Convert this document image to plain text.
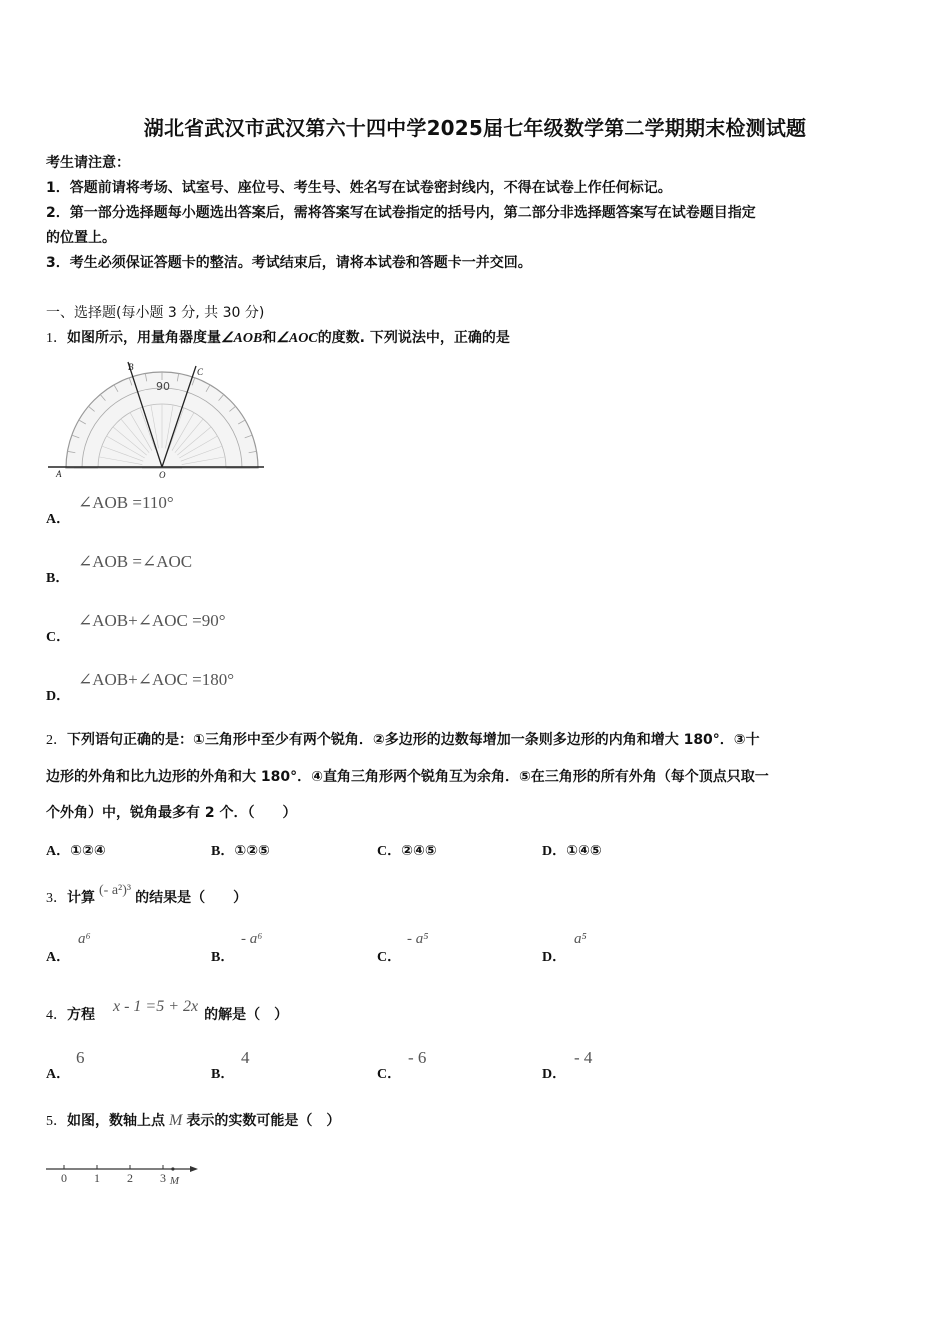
湖北省武汉市武汉第六十四中学2025届七年级数学第二学期期末检测试题
考生请注意：
1．答题前请将考场、试室号、座位号、考生号、姓名写在试卷密封线内，不得在试卷上作任何标记。
2．第一部分选择题每小题选出答案后，需将答案写在试卷指定的括号内，第二部分非选择题答案写在试卷题目指定
的位置上。
3．考生必须保证答题卡的整洁。考试结束后，请将本试卷和答题卡一并交回。
一、选择题(每小题 3 分, 共 30 分)
1．如图所示，用量角器度量∠AOB和∠AOC的度数. 下列说法中，正确的是
90
B	C
A	O
A．
∠AOB =110°
B．
∠AOB =∠AOC
C．
∠AOB+∠AOC =90°
D．
∠AOB+∠AOC =180°
2．下列语句正确的是：①三角形中至少有两个锐角．②多边形的边数每增加一条则多边形的内角和增大 180°．③十
边形的外角和比九边形的外角和大 180°．④直角三角形两个锐角互为余角．⑤在三角形的所有外角（每个顶点只取一
个外角）中，锐角最多有 2 个．（　　）
A．①②④	B．①②⑤	C．②④⑤	D．①④⑤
3．计算 (- a²)³ 的结果是（　　）
A．
a⁶
B．
- a⁶
C．
- a⁵
D．
a⁵
4．方程 x - 1 =5 + 2x 的解是（　）
A．
6
B．
4
C．
- 6
D．
- 4
5．如图，数轴上点 M 表示的实数可能是（　）
0 1 2 3 M
